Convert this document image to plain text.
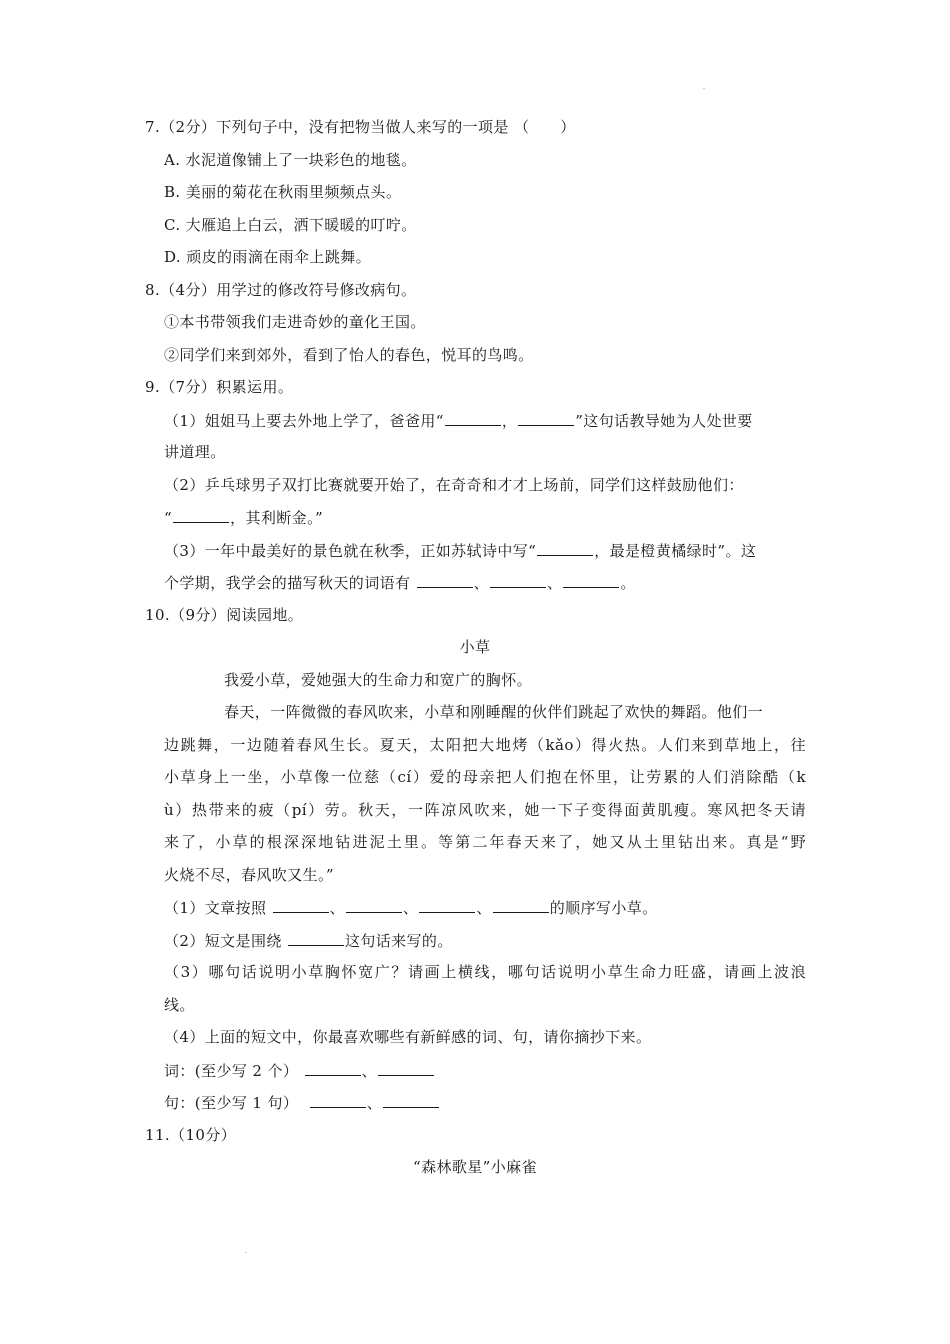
7.（2分）下列句子中，没有把物当做人来写的一项是 （　　）
A. 水泥道像铺上了一块彩色的地毯。
B. 美丽的菊花在秋雨里频频点头。
C. 大雁追上白云，洒下暖暖的叮咛。
D. 顽皮的雨滴在雨伞上跳舞。
8.（4分）用学过的修改符号修改病句。
①本书带领我们走进奇妙的童化王国。
②同学们来到郊外，看到了怡人的春色，悦耳的鸟鸣。
9.（7分）积累运用。
（1）姐姐马上要去外地上学了，爸爸用“	，	”这句话教导她为人处世要
讲道理。
（2）乒乓球男子双打比赛就要开始了，在奇奇和才才上场前，同学们这样鼓励他们：
“	，其利断金。”
（3）一年中最美好的景色就在秋季，正如苏轼诗中写“	，最是橙黄橘绿时”。这
个学期，我学会的描写秋天的词语有	、	、	。
10.（9分）阅读园地。
小草
我爱小草，爱她强大的生命力和宽广的胸怀。
春天，一阵微微的春风吹来，小草和刚睡醒的伙伴们跳起了欢快的舞蹈。他们一
边跳舞，一边随着春风生长。夏天，太阳把大地烤（kǎo）得火热。人们来到草地上，往
小草身上一坐，小草像一位慈（cí）爱的母亲把人们抱在怀里，让劳累的人们消除酷（k
ù）热带来的疲（pí）劳。秋天，一阵凉风吹来，她一下子变得面黄肌瘦。寒风把冬天请
来了，小草的根深深地钻进泥土里。等第二年春天来了，她又从土里钻出来。真是“野
火烧不尽，春风吹又生。”
（1）文章按照	、	、	、	的顺序写小草。
（2）短文是围绕	这句话来写的。
（3）哪句话说明小草胸怀宽广？请画上横线，哪句话说明小草生命力旺盛，请画上波浪
线。
（4）上面的短文中，你最喜欢哪些有新鲜感的词、句，请你摘抄下来。
词：(至少写 2 个）	、
句：(至少写 1 句）	、
11.（10分）
“森林歌星”小麻雀
